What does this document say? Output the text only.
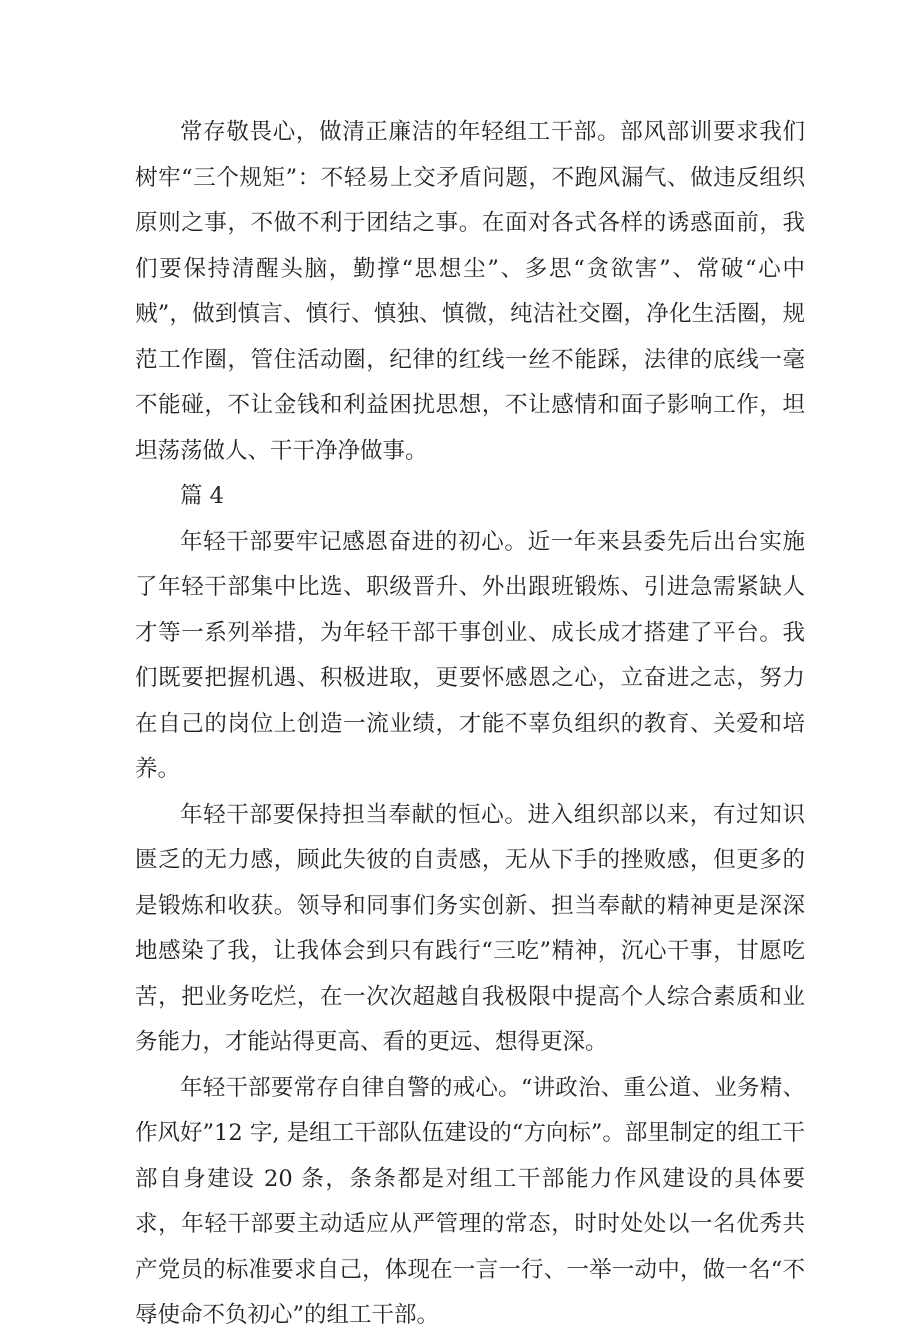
常存敬畏心，做清正廉洁的年轻组工干部。部风部训要求我们树牢“三个规矩”：不轻易上交矛盾问题，不跑风漏气、做违反组织原则之事，不做不利于团结之事。在面对各式各样的诱惑面前，我们要保持清醒头脑，勤撑“思想尘”、多思“贪欲害”、常破“心中贼”，做到慎言、慎行、慎独、慎微，纯洁社交圈，净化生活圈，规范工作圈，管住活动圈，纪律的红线一丝不能踩，法律的底线一毫不能碰，不让金钱和利益困扰思想，不让感情和面子影响工作，坦坦荡荡做人、干干净净做事。

篇 4

年轻干部要牢记感恩奋进的初心。近一年来县委先后出台实施了年轻干部集中比选、职级晋升、外出跟班锻炼、引进急需紧缺人才等一系列举措，为年轻干部干事创业、成长成才搭建了平台。我们既要把握机遇、积极进取，更要怀感恩之心，立奋进之志，努力在自己的岗位上创造一流业绩，才能不辜负组织的教育、关爱和培养。

年轻干部要保持担当奉献的恒心。进入组织部以来，有过知识匮乏的无力感，顾此失彼的自责感，无从下手的挫败感，但更多的是锻炼和收获。领导和同事们务实创新、担当奉献的精神更是深深地感染了我，让我体会到只有践行“三吃”精神，沉心干事，甘愿吃苦，把业务吃烂，在一次次超越自我极限中提高个人综合素质和业务能力，才能站得更高、看的更远、想得更深。

年轻干部要常存自律自警的戒心。“讲政治、重公道、业务精、作风好”12 字, 是组工干部队伍建设的“方向标”。部里制定的组工干部自身建设 20 条，条条都是对组工干部能力作风建设的具体要求，年轻干部要主动适应从严管理的常态，时时处处以一名优秀共产党员的标准要求自己，体现在一言一行、一举一动中，做一名“不辱使命不负初心”的组工干部。
